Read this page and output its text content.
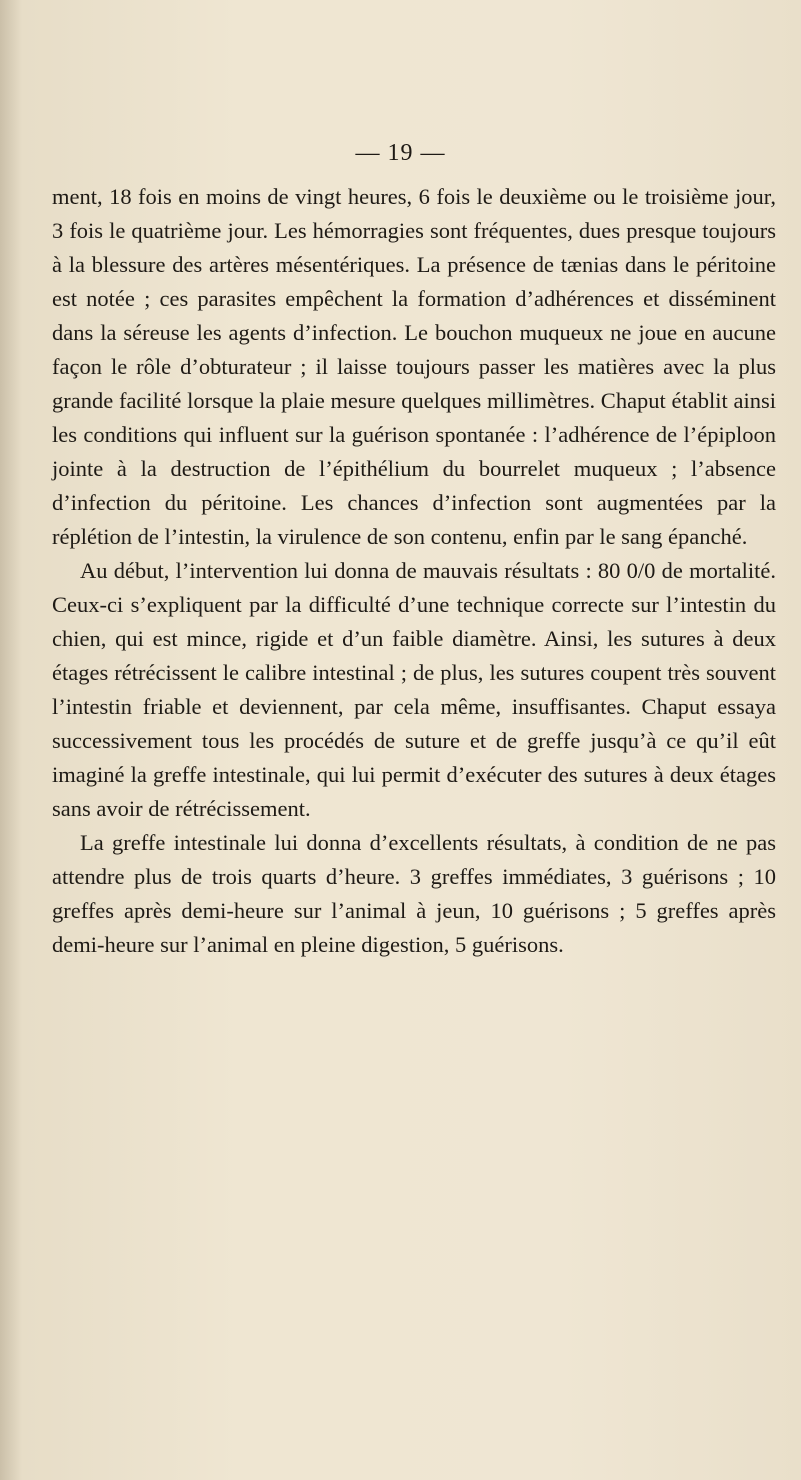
— 19 —

ment, 18 fois en moins de vingt heures, 6 fois le deuxième ou le troisième jour, 3 fois le quatrième jour. Les hémorragies sont fréquentes, dues presque toujours à la blessure des artères mésentériques. La présence de tænias dans le péritoine est notée ; ces parasites empêchent la formation d’adhérences et disséminent dans la séreuse les agents d’infection. Le bouchon muqueux ne joue en aucune façon le rôle d’obturateur ; il laisse toujours passer les matières avec la plus grande facilité lorsque la plaie mesure quelques millimètres. Chaput établit ainsi les conditions qui influent sur la guérison spontanée : l’adhérence de l’épiploon jointe à la destruction de l’épithélium du bourrelet muqueux ; l’absence d’infection du péritoine. Les chances d’infection sont augmentées par la réplétion de l’intestin, la virulence de son contenu, enfin par le sang épanché.

Au début, l’intervention lui donna de mauvais résultats : 80 0/0 de mortalité. Ceux-ci s’expliquent par la difficulté d’une technique correcte sur l’intestin du chien, qui est mince, rigide et d’un faible diamètre. Ainsi, les sutures à deux étages rétrécissent le calibre intestinal ; de plus, les sutures coupent très souvent l’intestin friable et deviennent, par cela même, insuffisantes. Chaput essaya successivement tous les procédés de suture et de greffe jusqu’à ce qu’il eût imaginé la greffe intestinale, qui lui permit d’exécuter des sutures à deux étages sans avoir de rétrécissement.

La greffe intestinale lui donna d’excellents résultats, à condition de ne pas attendre plus de trois quarts d’heure. 3 greffes immédiates, 3 guérisons ; 10 greffes après demi-heure sur l’animal à jeun, 10 guérisons ; 5 greffes après demi-heure sur l’animal en pleine digestion, 5 guérisons.
